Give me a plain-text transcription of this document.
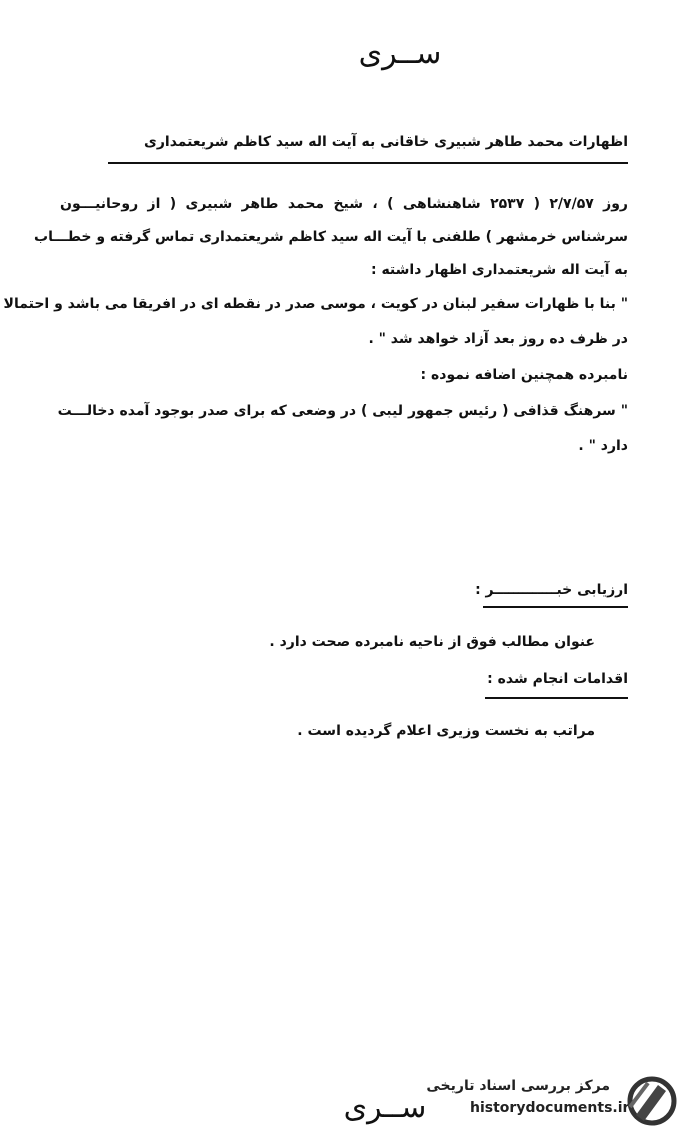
ســری
اظهارات محمد طاهر شبیری خاقانی به آیت اله سید کاظم شریعتمداری
روز ۲/۷/۵۷ ( ۲۵۳۷ شاهنشاهی ) ، شیخ محمد طاهر شبیری ( از روحانیـــون
سرشناس خرمشهر ) طلفنی با آیت اله سید کاظم شریعتمداری تماس گرفته و خطـــاب
به آیت اله شریعتمداری اظهار داشته :
" بنا با ظهارات سفیر لبنان در کویت ، موسی صدر در نقطه ای در افریقا می باشد و احتمالا
در ظرف ده روز بعد آزاد خواهد شد " .
نامبرده همچنین اضافه نموده :
" سرهنگ قذافی ( رئیس جمهور لیبی ) در وضعی که برای صدر بوجود آمده دخالـــت
دارد " .
ارزیابی خبـــــــــــــر :
عنوان مطالب فوق از ناحیه نامبرده صحت دارد .
اقدامات انجام شده :
مراتب به نخست وزیری اعلام گردیده است .
ســری
مرکز بررسی اسناد تاریخی
historydocuments.ir
